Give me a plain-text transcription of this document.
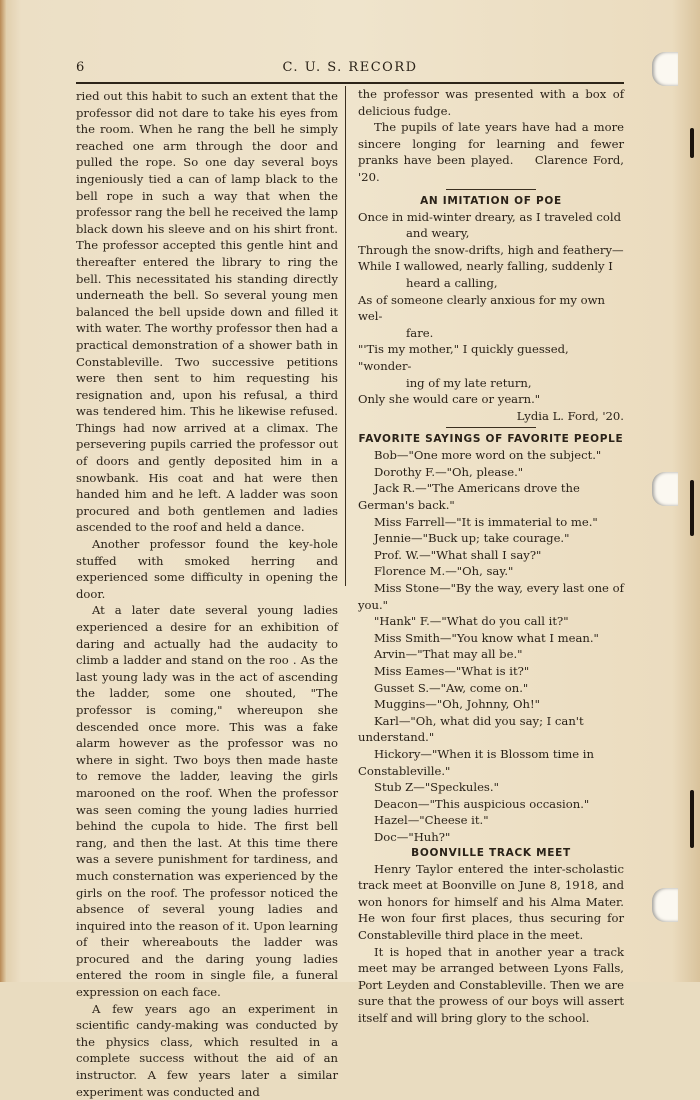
6	C. U. S. RECORD

ried out this habit to such an extent that the professor did not dare to take his eyes from the room. When he rang the bell he simply reached one arm through the door and pulled the rope. So one day several boys ingeniously tied a can of lamp black to the bell rope in such a way that when the professor rang the bell he received the lamp black down his sleeve and on his shirt front. The professor accepted this gentle hint and thereafter entered the library to ring the bell. This necessitated his standing directly underneath the bell. So several young men balanced the bell upside down and filled it with water. The worthy professor then had a practical demonstration of a shower bath in Constableville. Two successive petitions were then sent to him requesting his resignation and, upon his refusal, a third was tendered him. This he likewise refused. Things had now arrived at a climax. The persevering pupils carried the professor out of doors and gently deposited him in a snowbank. His coat and hat were then handed him and he left. A ladder was soon procured and both gentlemen and ladies ascended to the roof and held a dance.

Another professor found the key-hole stuffed with smoked herring and experienced some difficulty in opening the door.

At a later date several young ladies experienced a desire for an exhibition of daring and actually had the audacity to climb a ladder and stand on the roo . As the last young lady was in the act of ascending the ladder, some one shouted, "The professor is coming," whereupon she descended once more. This was a fake alarm however as the professor was no where in sight. Two boys then made haste to remove the ladder, leaving the girls marooned on the roof. When the professor was seen coming the young ladies hurried behind the cupola to hide. The first bell rang, and then the last. At this time there was a severe punishment for tardiness, and much consternation was experienced by the girls on the roof. The professor noticed the absence of several young ladies and inquired into the reason of it. Upon learning of their whereabouts the ladder was procured and the daring young ladies entered the room in single file, a funeral expression on each face.

A few years ago an experiment in scientific candy-making was conducted by the physics class, which resulted in a complete success without the aid of an instructor. A few years later a similar experiment was conducted and

the professor was presented with a box of delicious fudge.

The pupils of late years have had a more sincere longing for learning and fewer pranks have been played. Clarence Ford, '20.

AN IMITATION OF POE

Once in mid-winter dreary, as I traveled cold

and weary,

Through the snow-drifts, high and feathery—

While I wallowed, nearly falling, suddenly I

heard a calling,

As of someone clearly anxious for my own wel-

fare.

"'Tis my mother," I quickly guessed, "wonder-

ing of my late return,

Only she would care or yearn."

Lydia L. Ford, '20.

FAVORITE SAYINGS OF FAVORITE PEOPLE

Bob—"One more word on the subject."

Dorothy F.—"Oh, please."

Jack R.—"The Americans drove the German's back."

Miss Farrell—"It is immaterial to me."

Jennie—"Buck up; take courage."

Prof. W.—"What shall I say?"

Florence M.—"Oh, say."

Miss Stone—"By the way, every last one of you."

"Hank" F.—"What do you call it?"

Miss Smith—"You know what I mean."

Arvin—"That may all be."

Miss Eames—"What is it?"

Gusset S.—"Aw, come on."

Muggins—"Oh, Johnny, Oh!"

Karl—"Oh, what did you say; I can't understand."

Hickory—"When it is Blossom time in Constableville."

Stub Z—"Speckules."

Deacon—"This auspicious occasion."

Hazel—"Cheese it."

Doc—"Huh?"

BOONVILLE TRACK MEET

Henry Taylor entered the inter-scholastic track meet at Boonville on June 8, 1918, and won honors for himself and his Alma Mater. He won four first places, thus securing for Constableville third place in the meet.

It is hoped that in another year a track meet may be arranged between Lyons Falls, Port Leyden and Constableville. Then we are sure that the prowess of our boys will assert itself and will bring glory to the school.
